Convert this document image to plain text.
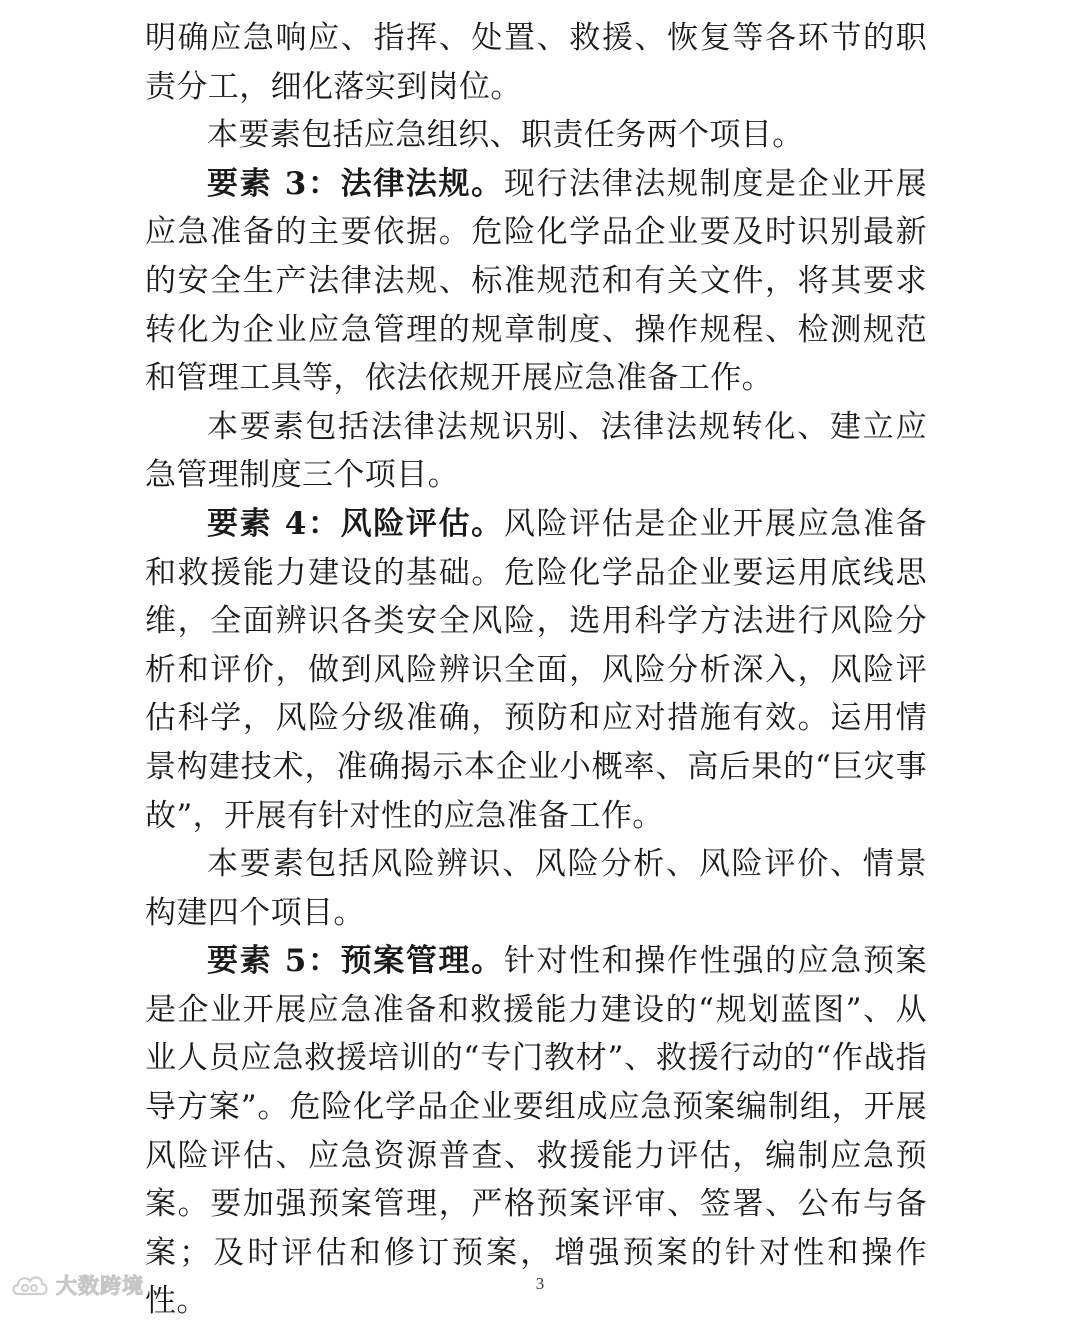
明确应急响应、指挥、处置、救援、恢复等各环节的职责分工，细化落实到岗位。

本要素包括应急组织、职责任务两个项目。

要素 3：法律法规。现行法律法规制度是企业开展应急准备的主要依据。危险化学品企业要及时识别最新的安全生产法律法规、标准规范和有关文件，将其要求转化为企业应急管理的规章制度、操作规程、检测规范和管理工具等，依法依规开展应急准备工作。

本要素包括法律法规识别、法律法规转化、建立应急管理制度三个项目。

要素 4：风险评估。风险评估是企业开展应急准备和救援能力建设的基础。危险化学品企业要运用底线思维，全面辨识各类安全风险，选用科学方法进行风险分析和评价，做到风险辨识全面，风险分析深入，风险评估科学，风险分级准确，预防和应对措施有效。运用情景构建技术，准确揭示本企业小概率、高后果的“巨灾事故”，开展有针对性的应急准备工作。

本要素包括风险辨识、风险分析、风险评价、情景构建四个项目。

要素 5：预案管理。针对性和操作性强的应急预案是企业开展应急准备和救援能力建设的“规划蓝图”、从业人员应急救援培训的“专门教材”、救援行动的“作战指导方案”。危险化学品企业要组成应急预案编制组，开展风险评估、应急资源普查、救援能力评估，编制应急预案。要加强预案管理，严格预案评审、签署、公布与备案；及时评估和修订预案，增强预案的针对性和操作性。

大数跨境	3
